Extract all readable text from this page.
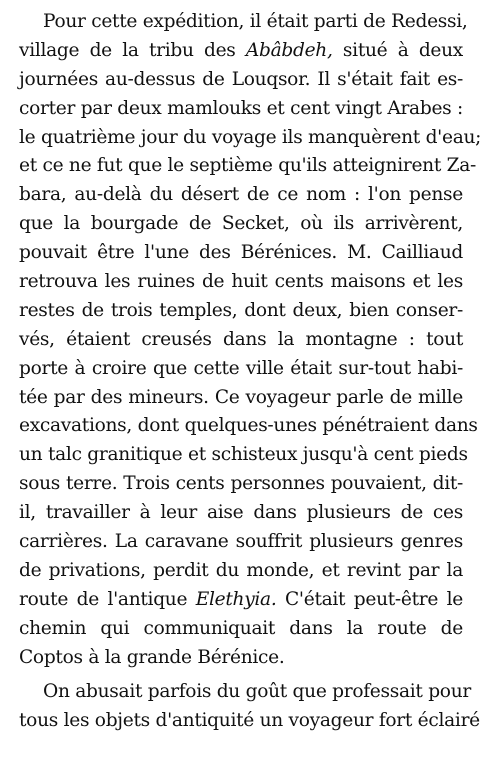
Pour cette expédition, il était parti de Redessi,
village de la tribu des Abâbdeh, situé à deux
journées au-dessus de Louqsor. Il s'était fait es-
corter par deux mamlouks et cent vingt Arabes :
le quatrième jour du voyage ils manquèrent d'eau;
et ce ne fut que le septième qu'ils atteignirent Za-
bara, au-delà du désert de ce nom : l'on pense
que la bourgade de Secket, où ils arrivèrent,
pouvait être l'une des Bérénices. M. Cailliaud
retrouva les ruines de huit cents maisons et les
restes de trois temples, dont deux, bien conser-
vés, étaient creusés dans la montagne : tout
porte à croire que cette ville était sur-tout habi-
tée par des mineurs. Ce voyageur parle de mille
excavations, dont quelques-unes pénétraient dans
un talc granitique et schisteux jusqu'à cent pieds
sous terre. Trois cents personnes pouvaient, dit-
il, travailler à leur aise dans plusieurs de ces
carrières. La caravane souffrit plusieurs genres
de privations, perdit du monde, et revint par la
route de l'antique Elethyia. C'était peut-être le
chemin qui communiquait dans la route de
Coptos à la grande Bérénice.
On abusait parfois du goût que professait pour
tous les objets d'antiquité un voyageur fort éclairé
